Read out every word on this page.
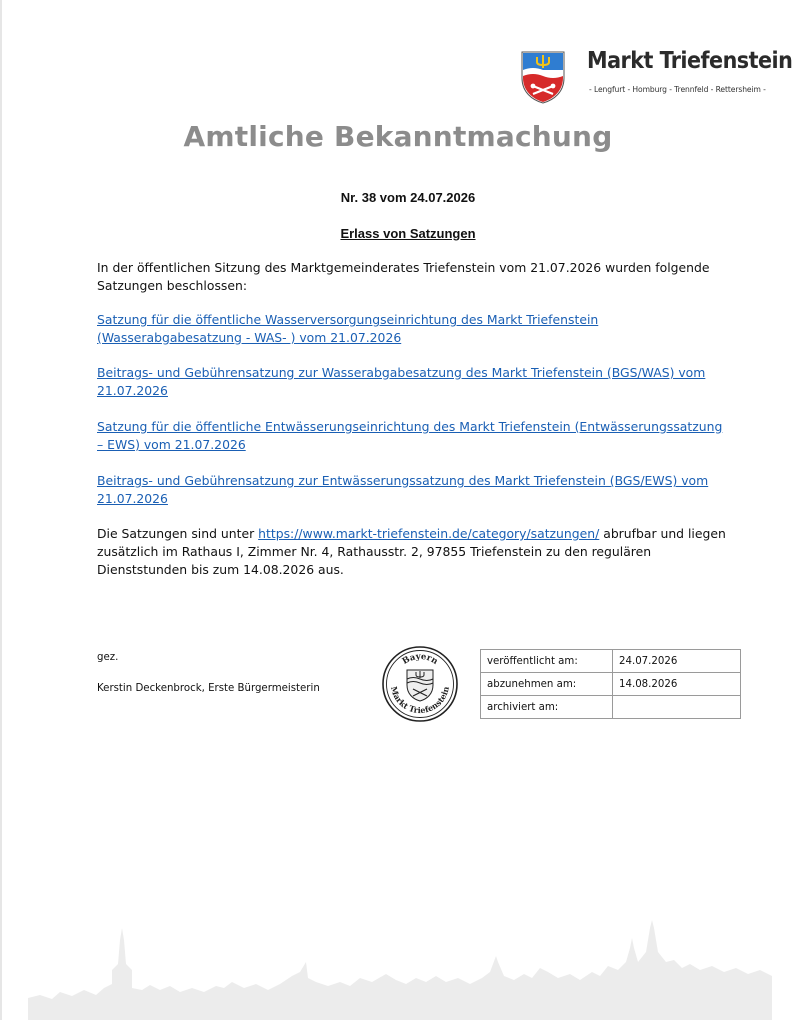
Markt Triefenstein
- Lengfurt - Homburg - Trennfeld - Rettersheim -
Amtliche Bekanntmachung
Nr. 38 vom 24.07.2026
Erlass von Satzungen
In der öffentlichen Sitzung des Marktgemeinderates Triefenstein vom 21.07.2026 wurden folgende Satzungen beschlossen:
Satzung für die öffentliche Wasserversorgungseinrichtung des Markt Triefenstein (Wasserabgabesatzung - WAS- ) vom 21.07.2026
Beitrags- und Gebührensatzung zur Wasserabgabesatzung des Markt Triefenstein (BGS/WAS) vom 21.07.2026
Satzung für die öffentliche Entwässerungseinrichtung des Markt Triefenstein (Entwässerungssatzung – EWS) vom 21.07.2026
Beitrags- und Gebührensatzung zur Entwässerungssatzung des Markt Triefenstein (BGS/EWS) vom 21.07.2026
Die Satzungen sind unter https://www.markt-triefenstein.de/category/satzungen/ abrufbar und liegen zusätzlich im Rathaus I, Zimmer Nr. 4, Rathausstr. 2, 97855 Triefenstein zu den regulären Dienststunden bis zum 14.08.2026 aus.
gez.
Kerstin Deckenbrock, Erste Bürgermeisterin
Bayern
Markt Triefenstein
veröffentlicht am:	24.07.2026
abzunehmen am:	14.08.2026
archiviert am:	
